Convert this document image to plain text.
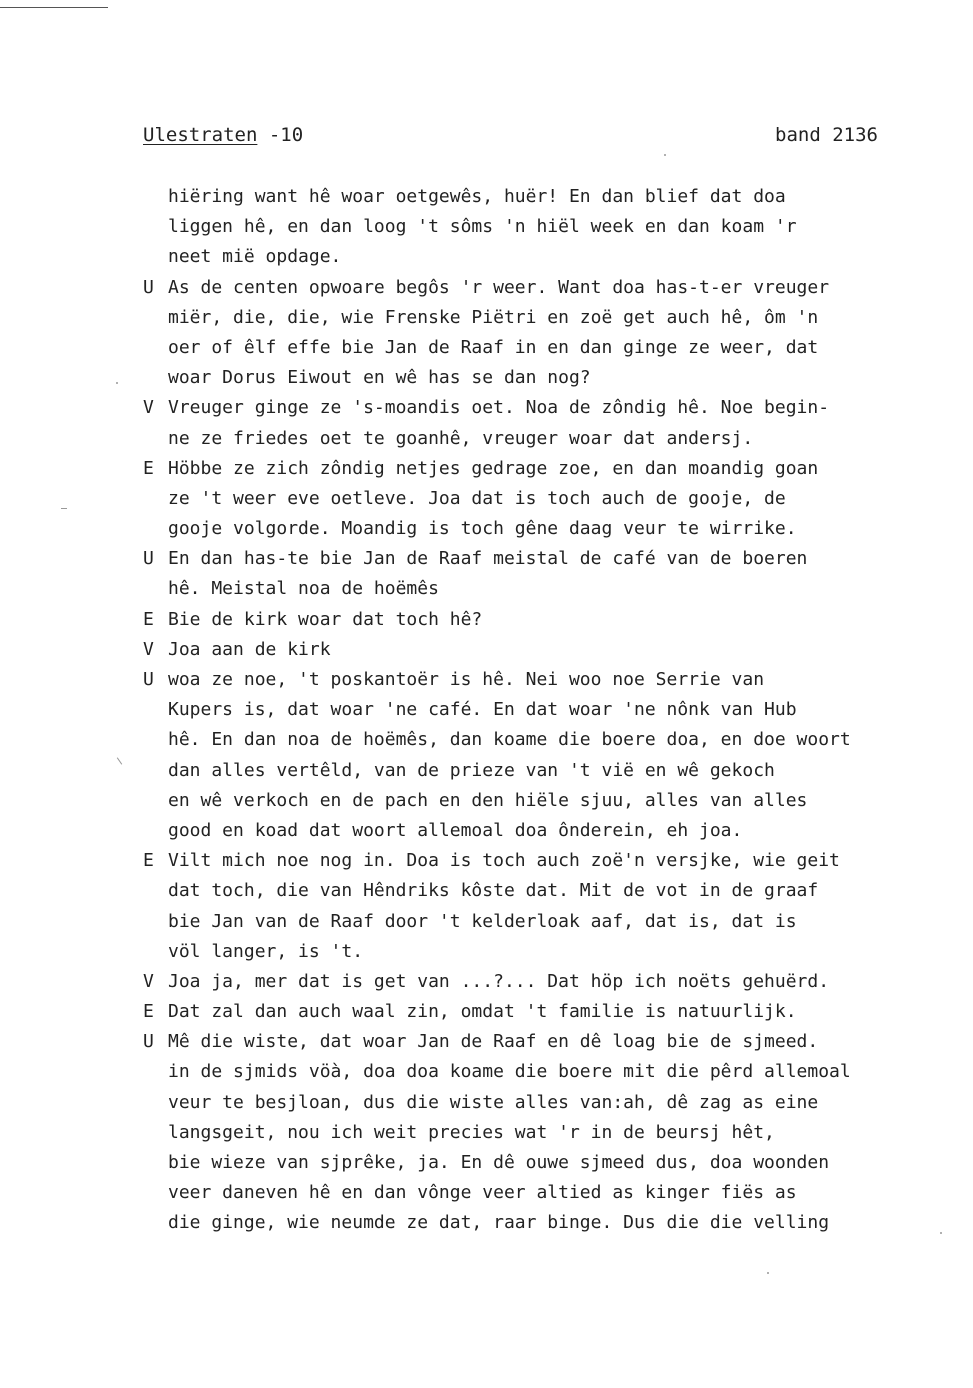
Ulestraten -10	band 2136
hiëring want hê woar oetgewês, huër! En dan blief dat doa
liggen hê, en dan loog 't sôms 'n hiël week en dan koam 'r
neet mië opdage.
U As de centen opwoare begôs 'r weer. Want doa has-t-er vreuger
miër, die, die, wie Frenske Piëtri en zoë get auch hê, ôm 'n
oer of êlf effe bie Jan de Raaf in en dan ginge ze weer, dat
woar Dorus Eiwout en wê has se dan nog?
V Vreuger ginge ze 's-moandis oet. Noa de zôndig hê. Noe begin-
ne ze friedes oet te goanhê, vreuger woar dat andersj.
E Höbbe ze zich zôndig netjes gedrage zoe, en dan moandig goan
ze 't weer eve oetleve. Joa dat is toch auch de gooje, de
gooje volgorde. Moandig is toch gêne daag veur te wirrike.
U En dan has-te bie Jan de Raaf meistal de café van de boeren
hê. Meistal noa de hoëmês
E Bie de kirk woar dat toch hê?
V Joa aan de kirk
U woa ze noe, 't poskantoër is hê. Nei woo noe Serrie van
Kupers is, dat woar 'ne café. En dat woar 'ne nônk van Hub
hê. En dan noa de hoëmês, dan koame die boere doa, en doe woort
dan alles vertêld, van de prieze van 't vië en wê gekoch
en wê verkoch en de pach en den hiële sjuu, alles van alles
good en koad dat woort allemoal doa ônderein, eh joa.
E Vilt mich noe nog in. Doa is toch auch zoë'n versjke, wie geit
dat toch, die van Hêndriks kôste dat. Mit de vot in de graaf
bie Jan van de Raaf door 't kelderloak aaf, dat is, dat is
völ langer, is 't.
V Joa ja, mer dat is get van ...?... Dat höp ich noëts gehuërd.
E Dat zal dan auch waal zin, omdat 't familie is natuurlijk.
U Mê die wiste, dat woar Jan de Raaf en dê loag bie de sjmeed.
in de sjmids vöà, doa doa koame die boere mit die pêrd allemoal
veur te besjloan, dus die wiste alles van:ah, dê zag as eine
langsgeit, nou ich weit precies wat 'r in de beursj hêt,
bie wieze van sjprêke, ja. En dê ouwe sjmeed dus, doa woonden
veer daneven hê en dan vônge veer altied as kinger fiës as
die ginge, wie neumde ze dat, raar binge. Dus die die velling
